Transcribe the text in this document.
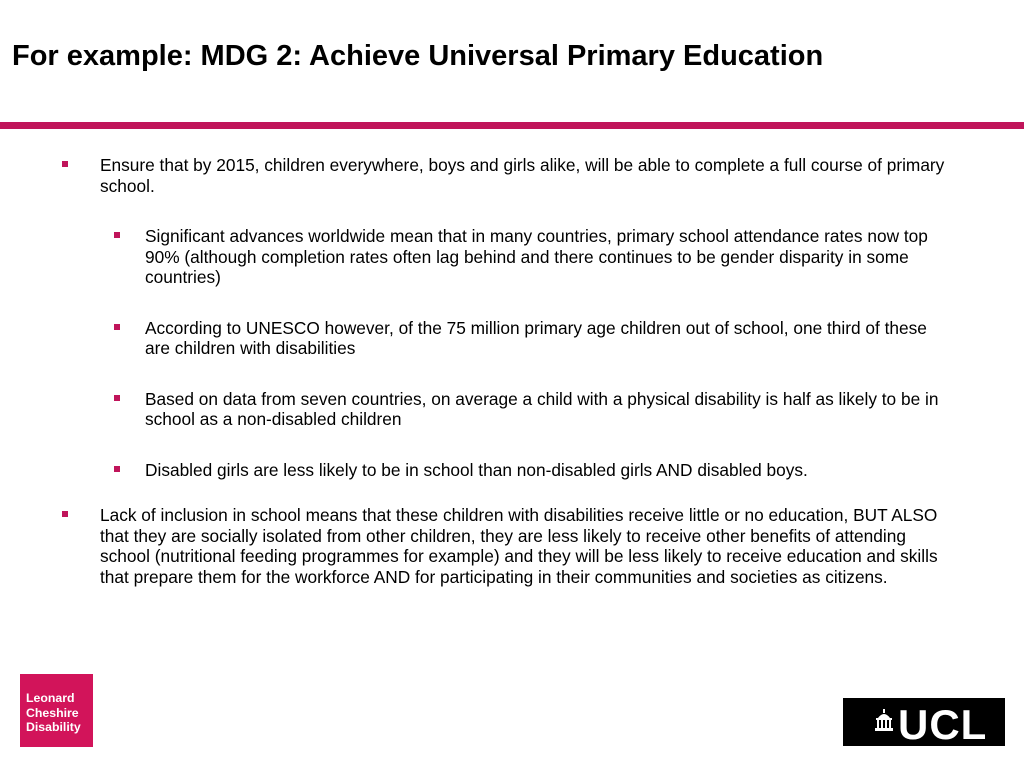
For example: MDG 2: Achieve Universal Primary Education
Ensure that by 2015, children everywhere, boys and girls alike, will be able to complete a full course of primary school.
Significant advances worldwide mean that in many countries, primary school attendance rates now top 90% (although completion rates often lag behind and there continues to be gender disparity in some countries)
According to UNESCO however, of the 75 million primary age children out of school, one third of these are children with disabilities
Based on data from seven countries, on average a child with a physical disability is half as likely to be in school as a non-disabled children
Disabled girls are less likely to be in school than non-disabled girls AND disabled boys.
Lack of inclusion in school means that these children with disabilities receive little or no education, BUT ALSO that they are socially isolated from other children, they are less likely to receive other benefits of attending school (nutritional feeding programmes for example) and they will be less likely to receive education and skills that prepare them for the workforce AND for participating in their communities and societies as citizens.
Leonard
Cheshire
Disability	UCL
